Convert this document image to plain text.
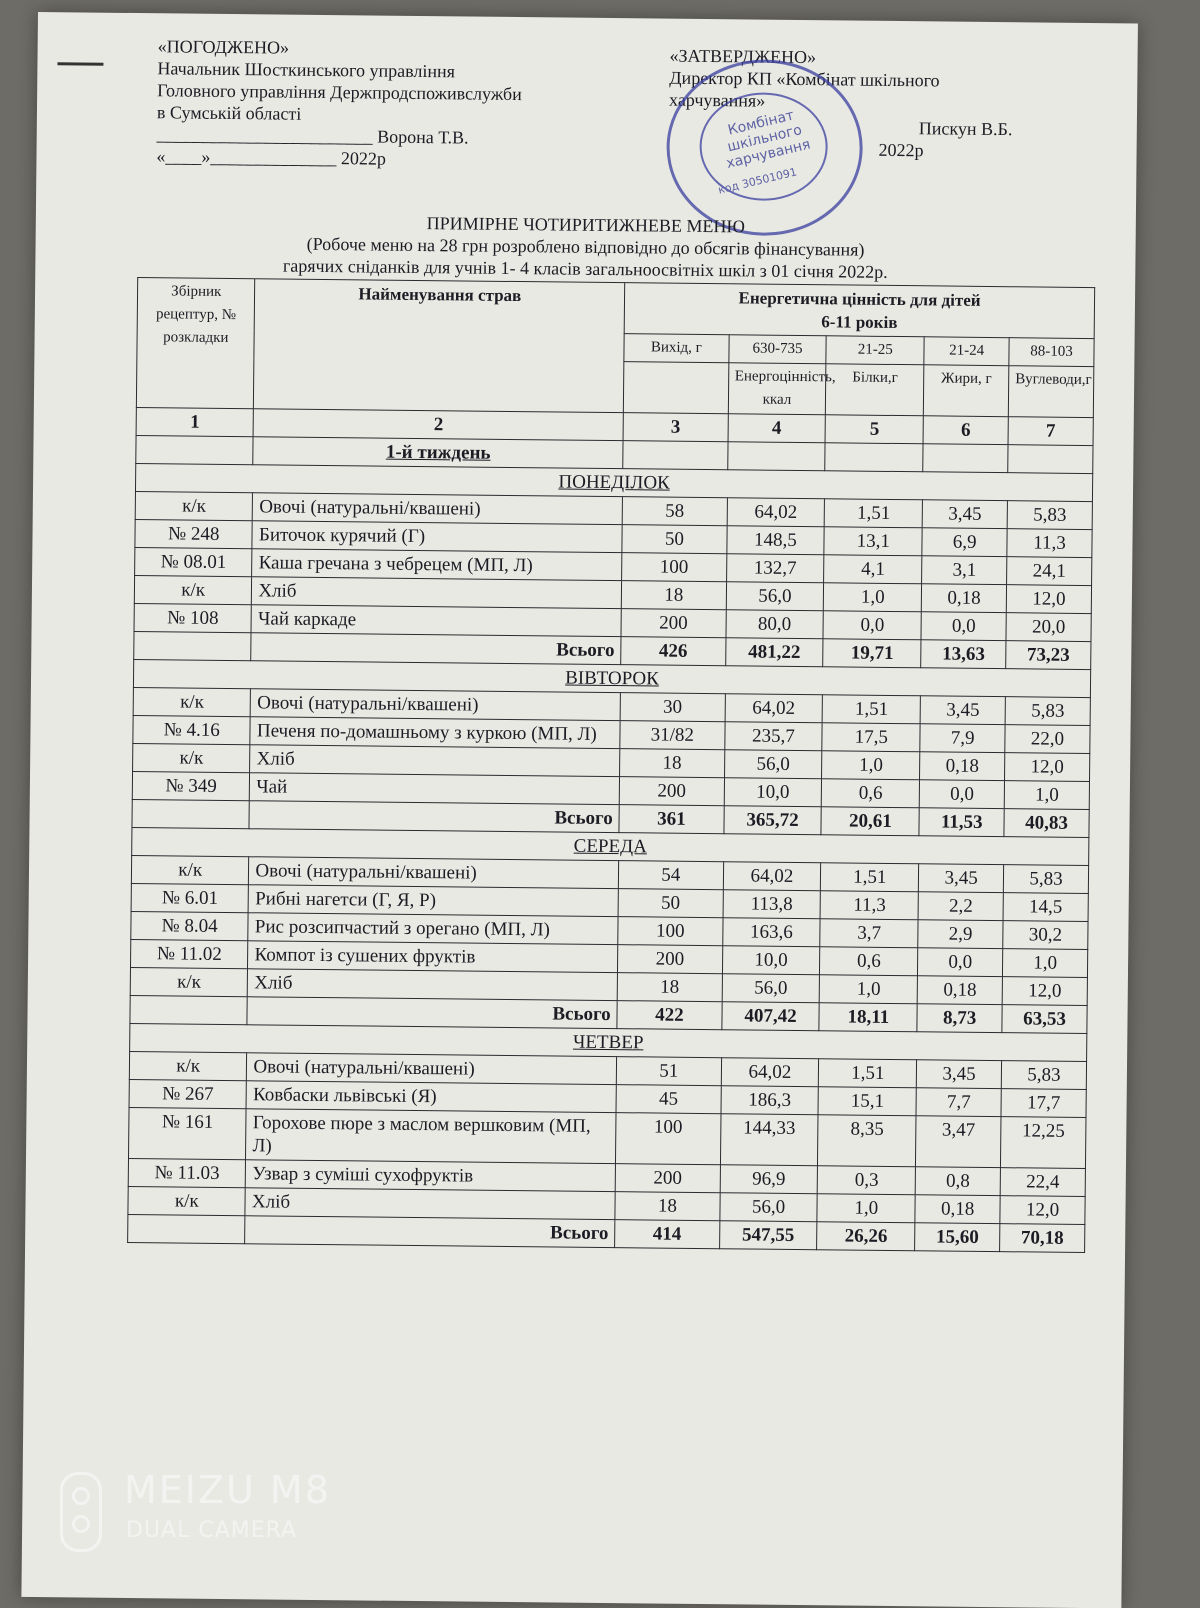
«ПОГОДЖЕНО»
Начальник Шосткинського управління
Головного управління Держпродспоживслужби
в Сумській області
________________________ Ворона Т.В.
«____»______________ 2022р
«ЗАТВЕРДЖЕНО»
Директор КП «Комбінат шкільного
харчування»
Пискун В.Б.
2022р
Комбінат шкільного харчування
код 30501091
ПРИМІРНЕ ЧОТИРИТИЖНЕВЕ МЕНЮ
(Робоче меню на 28 грн розроблено відповідно до обсягів фінансування)
гарячих сніданків для учнів 1- 4 класів загальноосвітніх шкіл з 01 січня 2022р.
Збірник рецептур, № розкладки	Найменування страв	Енергетична цінність для дітей
6-11 років				

		Вихід, г	630-735	21-25	21-24	88-103
			Енергоцінність, ккал	Білки,г	Жири, г	Вуглеводи,г
1	2	3	4	5	6	7
	1-й тиждень					
ПОНЕДІЛОК						
к/к	Овочі (натуральні/квашені)	58	64,02	1,51	3,45	5,83
№ 248	Биточок курячий (Г)	50	148,5	13,1	6,9	11,3
№ 08.01	Каша гречана з чебрецем (МП, Л)	100	132,7	4,1	3,1	24,1
к/к	Хліб	18	56,0	1,0	0,18	12,0
№ 108	Чай каркаде	200	80,0	0,0	0,0	20,0
	Всього	426	481,22	19,71	13,63	73,23
ВІВТОРОК						
к/к	Овочі (натуральні/квашені)	30	64,02	1,51	3,45	5,83
№ 4.16	Печеня по-домашньому з куркою (МП, Л)	31/82	235,7	17,5	7,9	22,0
к/к	Хліб	18	56,0	1,0	0,18	12,0
№ 349	Чай	200	10,0	0,6	0,0	1,0
	Всього	361	365,72	20,61	11,53	40,83
СЕРЕДА						
к/к	Овочі (натуральні/квашені)	54	64,02	1,51	3,45	5,83
№ 6.01	Рибні нагетси (Г, Я, Р)	50	113,8	11,3	2,2	14,5
№ 8.04	Рис розсипчастий з орегано (МП, Л)	100	163,6	3,7	2,9	30,2
№ 11.02	Компот із сушених фруктів	200	10,0	0,6	0,0	1,0
к/к	Хліб	18	56,0	1,0	0,18	12,0
	Всього	422	407,42	18,11	8,73	63,53
ЧЕТВЕР						
к/к	Овочі (натуральні/квашені)	51	64,02	1,51	3,45	5,83
№ 267	Ковбаски львівські (Я)	45	186,3	15,1	7,7	17,7
№ 161	Горохове пюре з маслом вершковим (МП, Л)	100	144,33	8,35	3,47	12,25
№ 11.03	Узвар з суміші сухофруктів	200	96,9	0,3	0,8	22,4
к/к	Хліб	18	56,0	1,0	0,18	12,0
	Всього	414	547,55	26,26	15,60	70,18
MEIZU M8
DUAL CAMERA
